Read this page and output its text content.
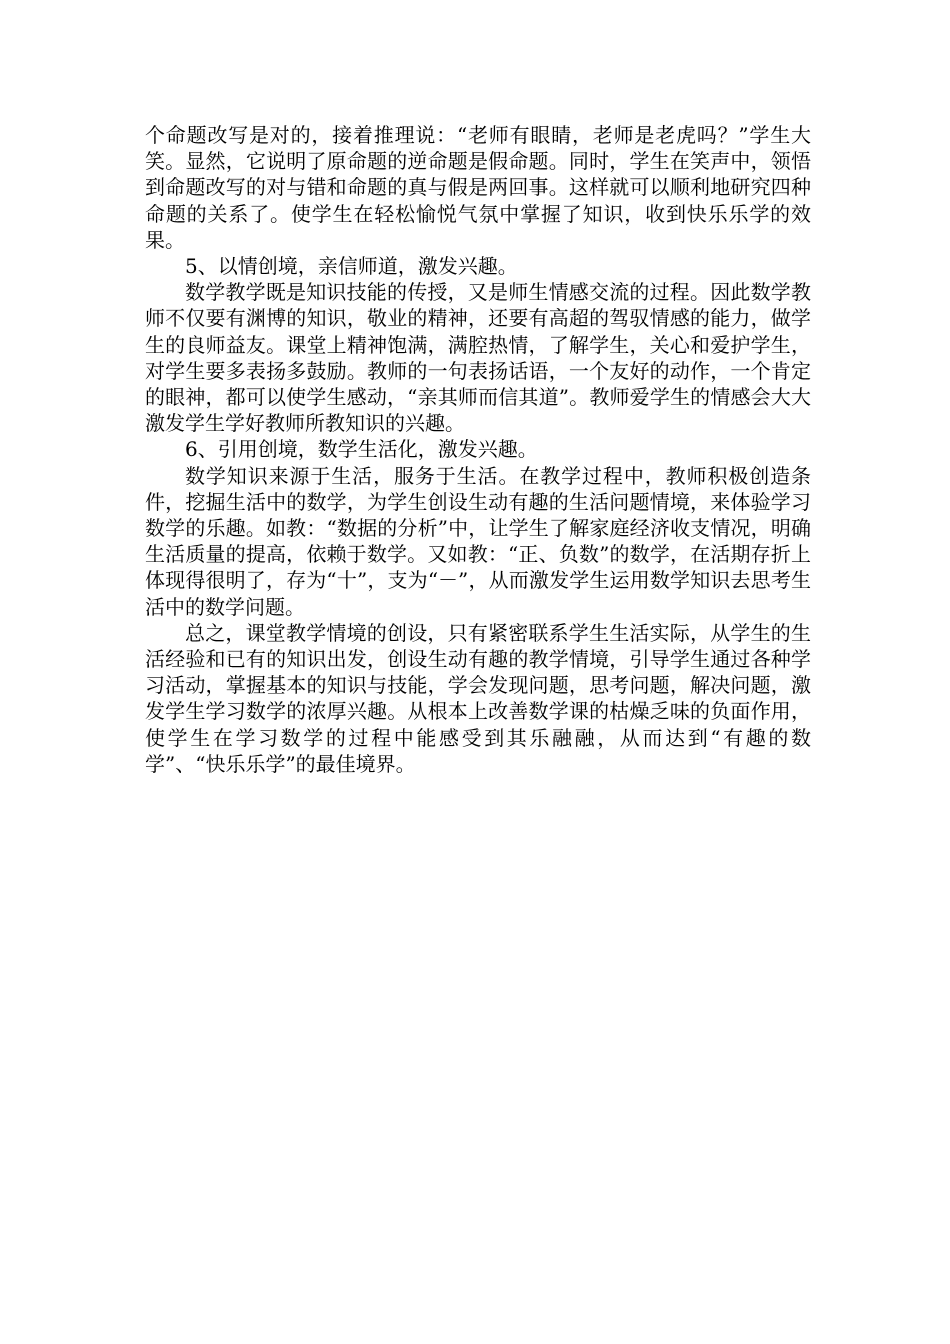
个命题改写是对的，接着推理说：“老师有眼睛，老师是老虎吗？”学生大笑。显然，它说明了原命题的逆命题是假命题。同时，学生在笑声中，领悟到命题改写的对与错和命题的真与假是两回事。这样就可以顺利地研究四种命题的关系了。使学生在轻松愉悦气氛中掌握了知识，收到快乐乐学的效果。

5、以情创境，亲信师道，激发兴趣。

数学教学既是知识技能的传授，又是师生情感交流的过程。因此数学教师不仅要有渊博的知识，敬业的精神，还要有高超的驾驭情感的能力，做学生的良师益友。课堂上精神饱满，满腔热情，了解学生，关心和爱护学生，对学生要多表扬多鼓励。教师的一句表扬话语，一个友好的动作，一个肯定的眼神，都可以使学生感动，“亲其师而信其道”。教师爱学生的情感会大大激发学生学好教师所教知识的兴趣。

6、引用创境，数学生活化，激发兴趣。

数学知识来源于生活，服务于生活。在教学过程中，教师积极创造条件，挖掘生活中的数学，为学生创设生动有趣的生活问题情境，来体验学习数学的乐趣。如教：“数据的分析”中，让学生了解家庭经济收支情况，明确生活质量的提高，依赖于数学。又如教：“正、负数”的数学，在活期存折上体现得很明了，存为“十”，支为“－”，从而激发学生运用数学知识去思考生活中的数学问题。

总之，课堂教学情境的创设，只有紧密联系学生生活实际，从学生的生活经验和已有的知识出发，创设生动有趣的教学情境，引导学生通过各种学习活动，掌握基本的知识与技能，学会发现问题，思考问题，解决问题，激发学生学习数学的浓厚兴趣。从根本上改善数学课的枯燥乏味的负面作用，使学生在学习数学的过程中能感受到其乐融融，从而达到“有趣的数学”、“快乐乐学”的最佳境界。
